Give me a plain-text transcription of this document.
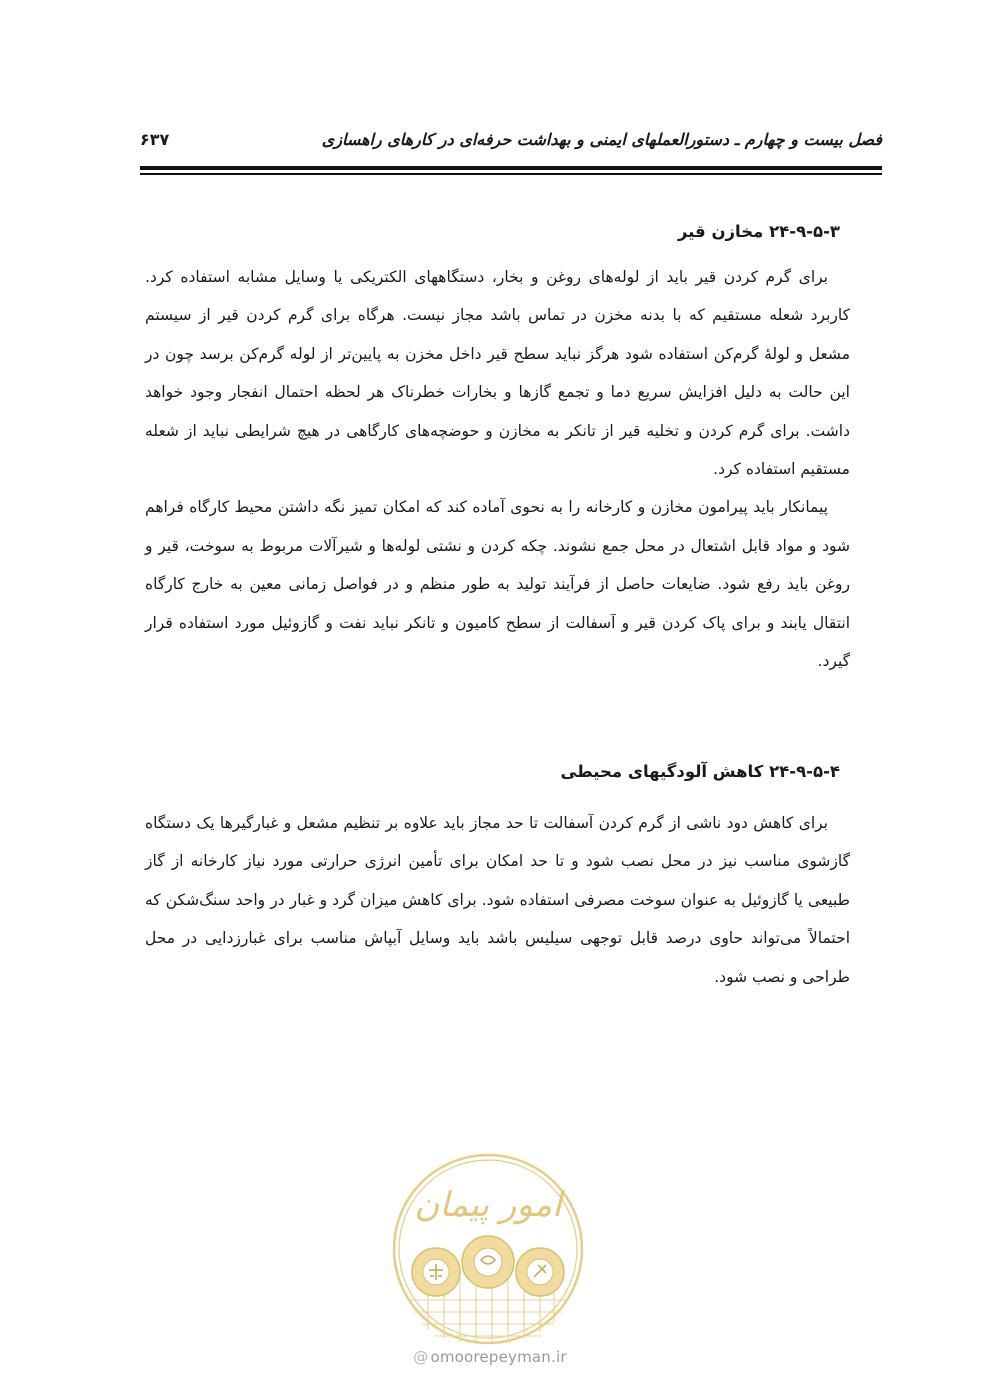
فصل بیست و چهارم ـ دستورالعملهای ایمنی و بهداشت حرفه‌ای در کارهای راهسازی
۶۳۷
۲۴-۹-۵-۳ مخازن قیر

برای گرم کردن قیر باید از لوله‌های روغن و بخار، دستگاههای الکتریکی یا وسایل مشابه استفاده کرد. کاربرد شعله مستقیم که با بدنه مخزن در تماس باشد مجاز نیست. هرگاه برای گرم کردن قیر از سیستم مشعل و لولهٔ گرم‌کن استفاده شود هرگز نباید سطح قیر داخل مخزن به پایین‌تر از لوله گرم‌کن برسد چون در این حالت به دلیل افزایش سریع دما و تجمع گازها و بخارات خطرناک هر لحظه احتمال انفجار وجود خواهد داشت. برای گرم کردن و تخلیه قیر از تانکر به مخازن و حوضچه‌های کارگاهی در هیچ شرایطی نباید از شعله مستقیم استفاده کرد.

پیمانکار باید پیرامون مخازن و کارخانه را به نحوی آماده کند که امکان تمیز نگه داشتن محیط کارگاه فراهم شود و مواد قابل اشتعال در محل جمع نشوند. چکه کردن و نشتی لوله‌ها و شیرآلات مربوط به سوخت، قیر و روغن باید رفع شود. ضایعات حاصل از فرآیند تولید به طور منظم و در فواصل زمانی معین به خارج کارگاه انتقال یابند و برای پاک کردن قیر و آسفالت از سطح کامیون و تانکر نباید نفت و گازوئیل مورد استفاده قرار گیرد.

۲۴-۹-۵-۴ کاهش آلودگیهای محیطی

برای کاهش دود ناشی از گرم کردن آسفالت تا حد مجاز باید علاوه بر تنظیم مشعل و غبارگیرها یک دستگاه گازشوی مناسب نیز در محل نصب شود و تا حد امکان برای تأمین انرژی حرارتی مورد نیاز کارخانه از گاز طبیعی یا گازوئیل به عنوان سوخت مصرفی استفاده شود. برای کاهش میزان گرد و غبار در واحد سنگ‌شکن که احتمالاً می‌تواند حاوی درصد قابل توجهی سیلیس باشد باید وسایل آبپاش مناسب برای غبارزدایی در محل طراحی و نصب شود.

امور پیمان
@ omoorepeyman.ir
